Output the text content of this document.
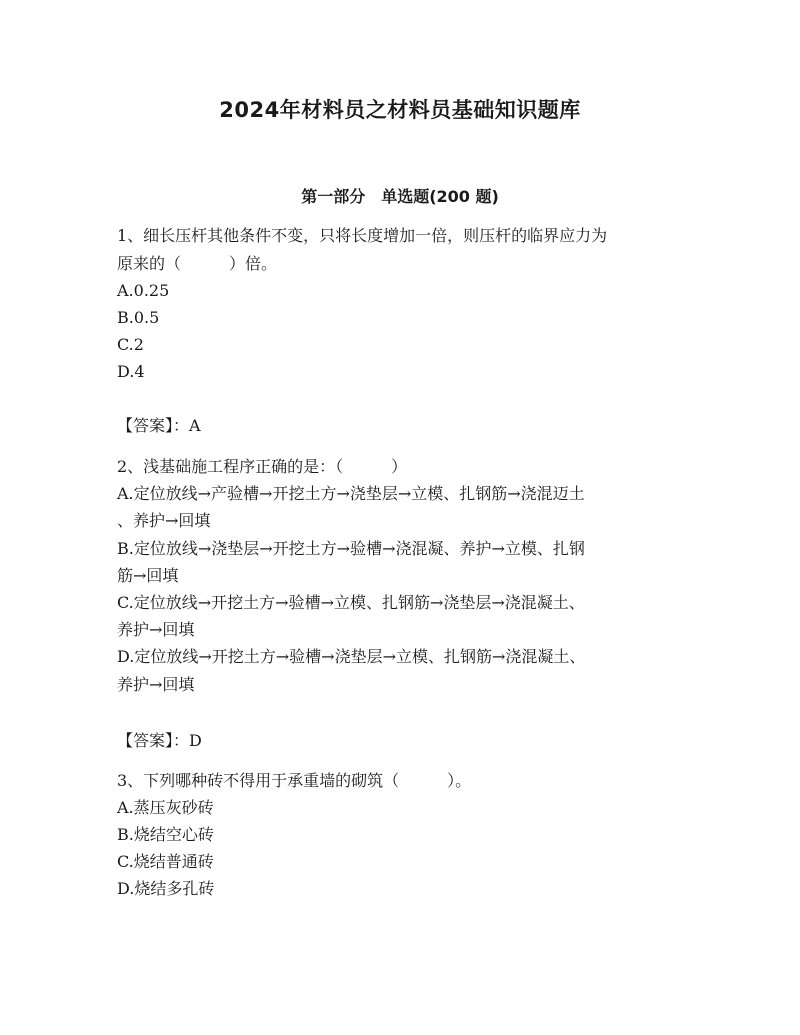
2024年材料员之材料员基础知识题库
第一部分　单选题(200 题)
1、细长压杆其他条件不变，只将长度增加一倍，则压杆的临界应力为
原来的（　　　）倍。
A.0.25
B.0.5
C.2
D.4
【答案】：A
2、浅基础施工程序正确的是：（　　　）
A.定位放线→产验槽→开挖土方→浇垫层→立模、扎钢筋→浇混迈土
、养护→回填
B.定位放线→浇垫层→开挖土方→验槽→浇混凝、养护→立模、扎钢
筋→回填
C.定位放线→开挖土方→验槽→立模、扎钢筋→浇垫层→浇混凝土、
养护→回填
D.定位放线→开挖土方→验槽→浇垫层→立模、扎钢筋→浇混凝土、
养护→回填
【答案】：D
3、下列哪种砖不得用于承重墙的砌筑（　　　）。
A.蒸压灰砂砖
B.烧结空心砖
C.烧结普通砖
D.烧结多孔砖
